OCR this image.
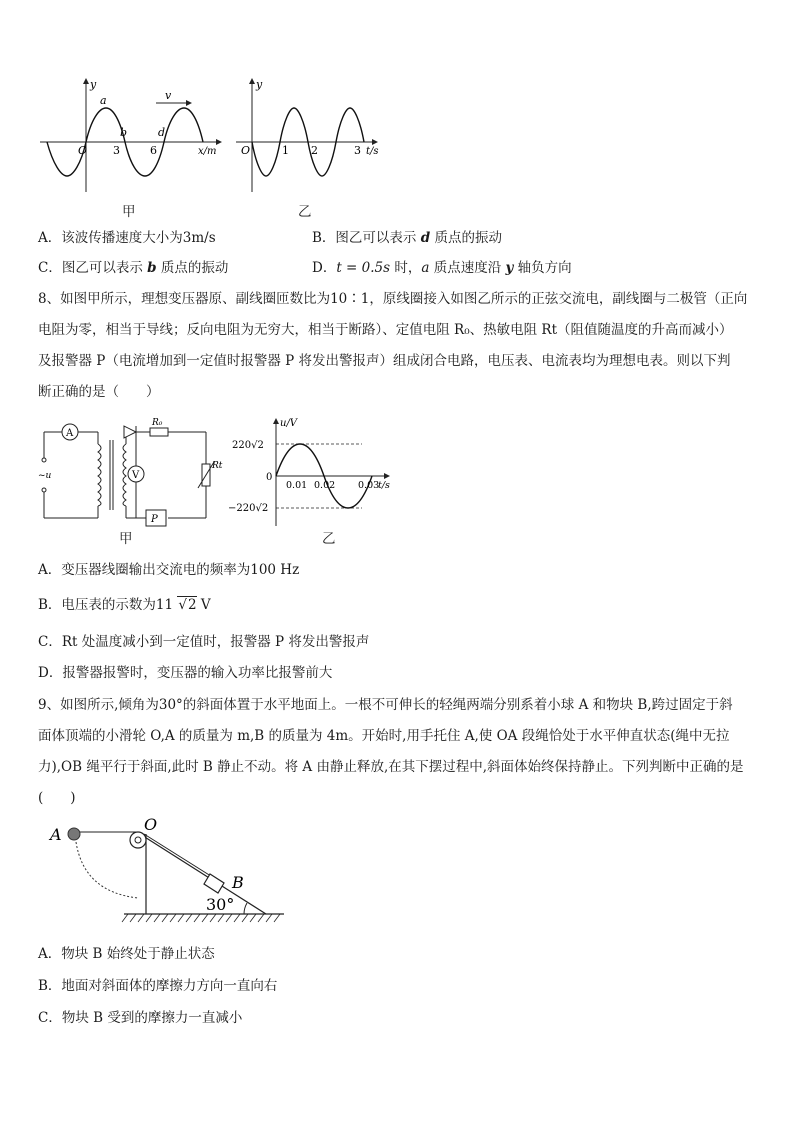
v
y
x/m
O 3	6
a
b	d
甲
y
t/s
O	1 2	3
乙
A．该波传播速度大小为3m/s	B．图乙可以表示 d 质点的振动
C．图乙可以表示 b 质点的振动	D．t = 0.5s 时，a 质点速度沿 y 轴负方向
8、如图甲所示，理想变压器原、副线圈匝数比为10∶1，原线圈接入如图乙所示的正弦交流电，副线圈与二极管（正向
电阻为零，相当于导线；反向电阻为无穷大，相当于断路）、定值电阻 R₀、热敏电阻 Rt（阻值随温度的升高而减小）
及报警器 P（电流增加到一定值时报警器 P 将发出警报声）组成闭合电路，电压表、电流表均为理想电表。则以下判
断正确的是（　　）
A
~u
R₀
Rt
P
V
甲
u/V
220√2
0
−220√2
0.01 0.02 0.03
t/s
乙
A．变压器线圈输出交流电的频率为100 Hz
B．电压表的示数为11 √2 V
C．Rt 处温度减小到一定值时，报警器 P 将发出警报声
D．报警器报警时，变压器的输入功率比报警前大
9、如图所示,倾角为30°的斜面体置于水平地面上。一根不可伸长的轻绳两端分别系着小球 A 和物块 B,跨过固定于斜
面体顶端的小滑轮 O,A 的质量为 m,B 的质量为 4m。开始时,用手托住 A,使 OA 段绳恰处于水平伸直状态(绳中无拉
力),OB 绳平行于斜面,此时 B 静止不动。将 A 由静止释放,在其下摆过程中,斜面体始终保持静止。下列判断中正确的是
(　　)
A
O
B
30°
A．物块 B 始终处于静止状态
B．地面对斜面体的摩擦力方向一直向右
C．物块 B 受到的摩擦力一直减小
